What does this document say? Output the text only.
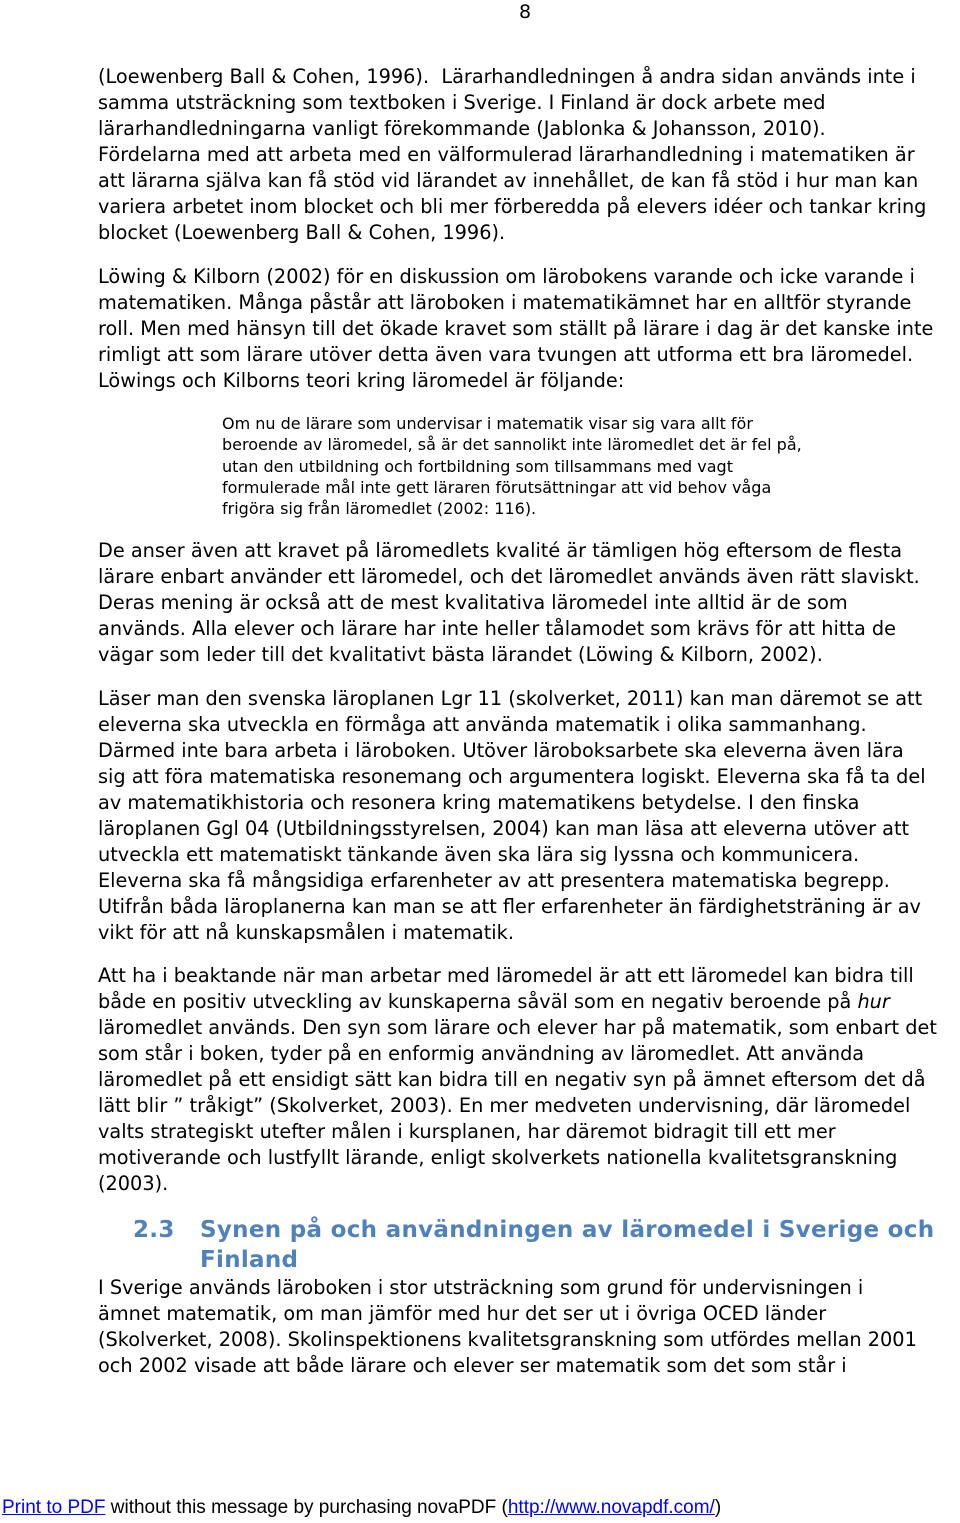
8
(Loewenberg Ball & Cohen, 1996).  Lärarhandledningen å andra sidan används inte i
samma utsträckning som textboken i Sverige. I Finland är dock arbete med
lärarhandledningarna vanligt förekommande (Jablonka & Johansson, 2010).
Fördelarna med att arbeta med en välformulerad lärarhandledning i matematiken är
att lärarna själva kan få stöd vid lärandet av innehållet, de kan få stöd i hur man kan
variera arbetet inom blocket och bli mer förberedda på elevers idéer och tankar kring
blocket (Loewenberg Ball & Cohen, 1996).
Löwing & Kilborn (2002) för en diskussion om lärobokens varande och icke varande i
matematiken. Många påstår att läroboken i matematikämnet har en alltför styrande
roll. Men med hänsyn till det ökade kravet som ställt på lärare i dag är det kanske inte
rimligt att som lärare utöver detta även vara tvungen att utforma ett bra läromedel.
Löwings och Kilborns teori kring läromedel är följande:
Om nu de lärare som undervisar i matematik visar sig vara allt för
beroende av läromedel, så är det sannolikt inte läromedlet det är fel på,
utan den utbildning och fortbildning som tillsammans med vagt
formulerade mål inte gett läraren förutsättningar att vid behov våga
frigöra sig från läromedlet (2002: 116).
De anser även att kravet på läromedlets kvalité är tämligen hög eftersom de flesta
lärare enbart använder ett läromedel, och det läromedlet används även rätt slaviskt.
Deras mening är också att de mest kvalitativa läromedel inte alltid är de som
används. Alla elever och lärare har inte heller tålamodet som krävs för att hitta de
vägar som leder till det kvalitativt bästa lärandet (Löwing & Kilborn, 2002).
Läser man den svenska läroplanen Lgr 11 (skolverket, 2011) kan man däremot se att
eleverna ska utveckla en förmåga att använda matematik i olika sammanhang.
Därmed inte bara arbeta i läroboken. Utöver läroboksarbete ska eleverna även lära
sig att föra matematiska resonemang och argumentera logiskt. Eleverna ska få ta del
av matematikhistoria och resonera kring matematikens betydelse. I den finska
läroplanen Ggl 04 (Utbildningsstyrelsen, 2004) kan man läsa att eleverna utöver att
utveckla ett matematiskt tänkande även ska lära sig lyssna och kommunicera.
Eleverna ska få mångsidiga erfarenheter av att presentera matematiska begrepp.
Utifrån båda läroplanerna kan man se att fler erfarenheter än färdighetsträning är av
vikt för att nå kunskapsmålen i matematik.
Att ha i beaktande när man arbetar med läromedel är att ett läromedel kan bidra till
både en positiv utveckling av kunskaperna såväl som en negativ beroende på hur
läromedlet används. Den syn som lärare och elever har på matematik, som enbart det
som står i boken, tyder på en enformig användning av läromedlet. Att använda
läromedlet på ett ensidigt sätt kan bidra till en negativ syn på ämnet eftersom det då
lätt blir ” tråkigt” (Skolverket, 2003). En mer medveten undervisning, där läromedel
valts strategiskt utefter målen i kursplanen, har däremot bidragit till ett mer
motiverande och lustfyllt lärande, enligt skolverkets nationella kvalitetsgranskning
(2003).
2.3 Synen på och användningen av läromedel i Sverige och
Finland
I Sverige används läroboken i stor utsträckning som grund för undervisningen i
ämnet matematik, om man jämför med hur det ser ut i övriga OCED länder
(Skolverket, 2008). Skolinspektionens kvalitetsgranskning som utfördes mellan 2001
och 2002 visade att både lärare och elever ser matematik som det som står i
Print to PDF without this message by purchasing novaPDF (http://www.novapdf.com/)
